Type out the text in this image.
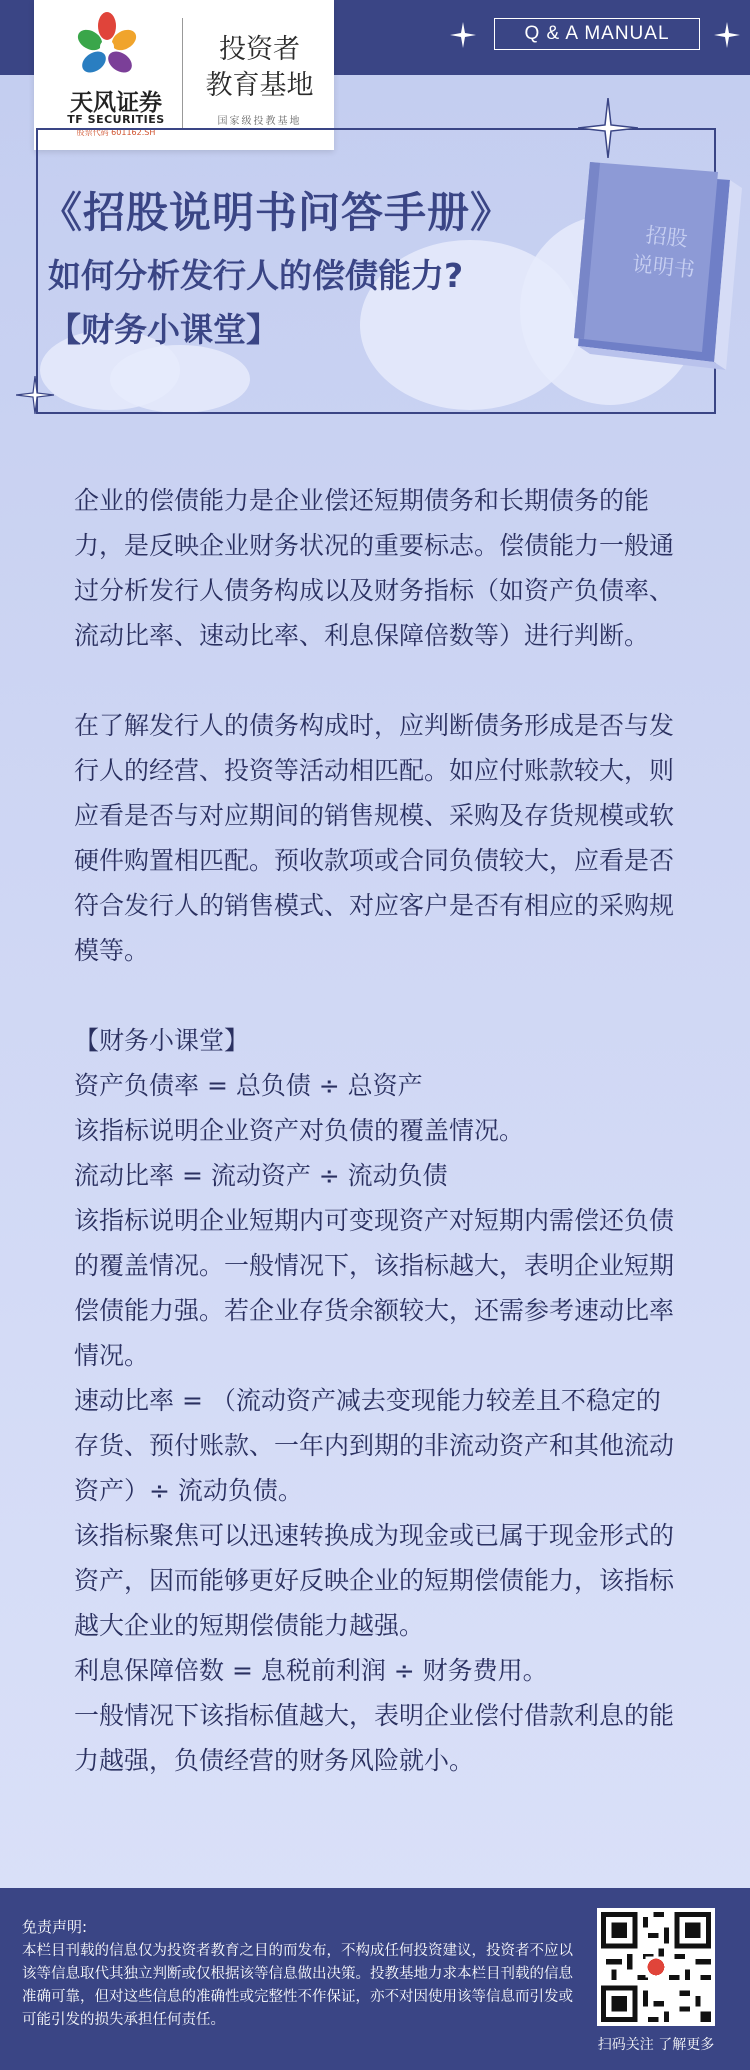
天风证券
TF SECURITIES
股票代码 601162.SH
投资者
教育基地
国家级投教基地
Q & A MANUAL
《招股说明书问答手册》
如何分析发行人的偿债能力?
【财务小课堂】
招股
说明书

企业的偿债能力是企业偿还短期债务和长期债务的能力，是反映企业财务状况的重要标志。偿债能力一般通过分析发行人债务构成以及财务指标（如资产负债率、流动比率、速动比率、利息保障倍数等）进行判断。

在了解发行人的债务构成时，应判断债务形成是否与发行人的经营、投资等活动相匹配。如应付账款较大，则应看是否与对应期间的销售规模、采购及存货规模或软硬件购置相匹配。预收款项或合同负债较大，应看是否符合发行人的销售模式、对应客户是否有相应的采购规模等。

【财务小课堂】

资产负债率 = 总负债 ÷ 总资产

该指标说明企业资产对负债的覆盖情况。

流动比率 = 流动资产 ÷ 流动负债

该指标说明企业短期内可变现资产对短期内需偿还负债的覆盖情况。一般情况下，该指标越大，表明企业短期偿债能力强。若企业存货余额较大，还需参考速动比率情况。

速动比率 = （流动资产减去变现能力较差且不稳定的存货、预付账款、一年内到期的非流动资产和其他流动资产）÷ 流动负债。

该指标聚焦可以迅速转换成为现金或已属于现金形式的资产，因而能够更好反映企业的短期偿债能力，该指标越大企业的短期偿债能力越强。

利息保障倍数 = 息税前利润 ÷ 财务费用。

一般情况下该指标值越大，表明企业偿付借款利息的能力越强，负债经营的财务风险就小。

免责声明:
本栏目刊载的信息仅为投资者教育之目的而发布，不构成任何投资建议，投资者不应以该等信息取代其独立判断或仅根据该等信息做出决策。投教基地力求本栏目刊载的信息准确可靠，但对这些信息的准确性或完整性不作保证，亦不对因使用该等信息而引发或可能引发的损失承担任何责任。
扫码关注 了解更多
